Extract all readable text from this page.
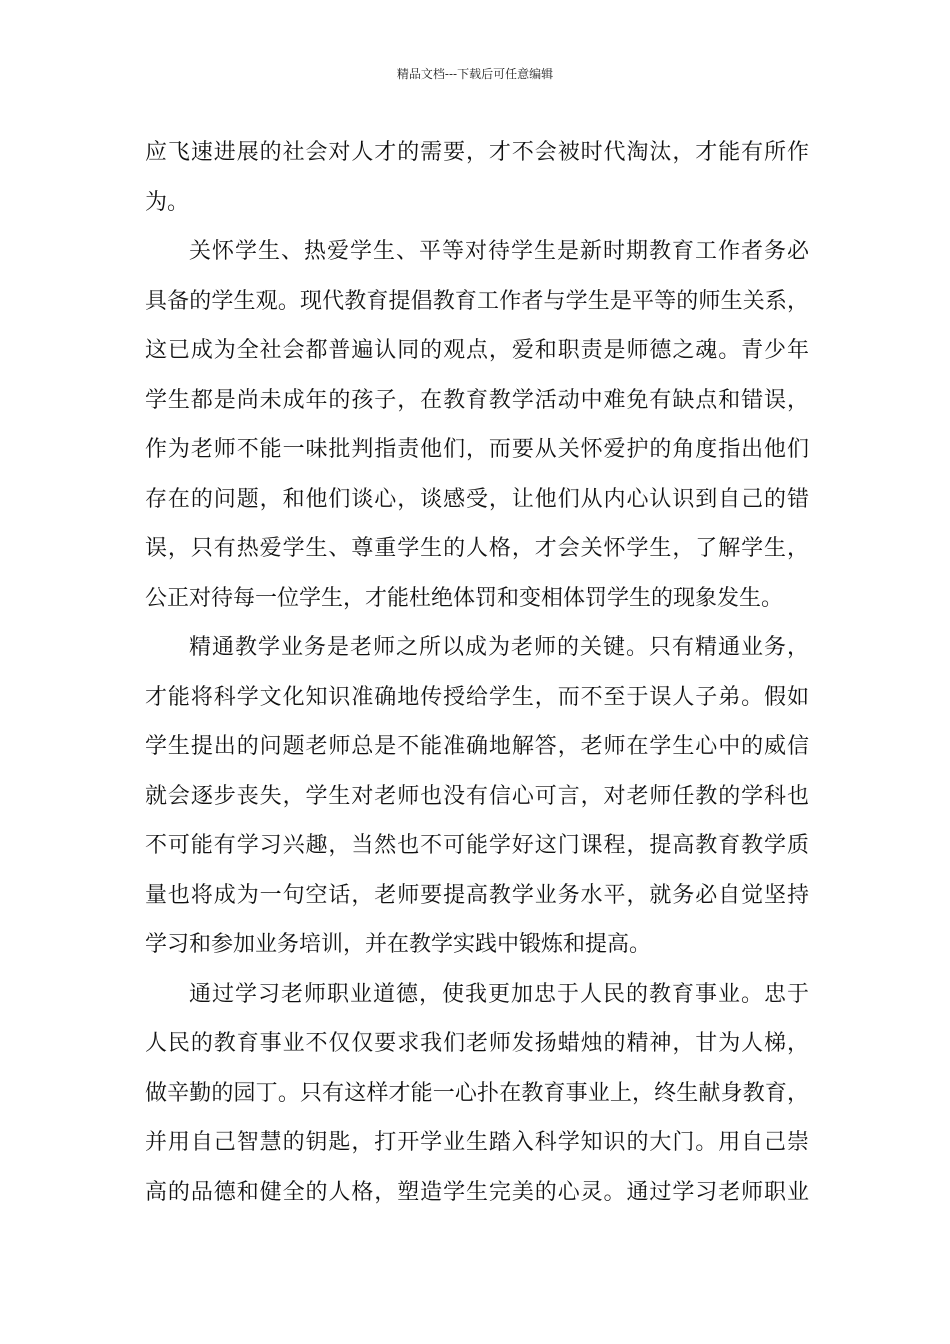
精品文档---下载后可任意编辑
应飞速进展的社会对人才的需要，才不会被时代淘汰，才能有所作
为。
关怀学生、热爱学生、平等对待学生是新时期教育工作者务必
具备的学生观。现代教育提倡教育工作者与学生是平等的师生关系，
这已成为全社会都普遍认同的观点，爱和职责是师德之魂。青少年
学生都是尚未成年的孩子，在教育教学活动中难免有缺点和错误，
作为老师不能一味批判指责他们，而要从关怀爱护的角度指出他们
存在的问题，和他们谈心，谈感受，让他们从内心认识到自己的错
误，只有热爱学生、尊重学生的人格，才会关怀学生，了解学生，
公正对待每一位学生，才能杜绝体罚和变相体罚学生的现象发生。
精通教学业务是老师之所以成为老师的关键。只有精通业务，
才能将科学文化知识准确地传授给学生，而不至于误人子弟。假如
学生提出的问题老师总是不能准确地解答，老师在学生心中的威信
就会逐步丧失，学生对老师也没有信心可言，对老师任教的学科也
不可能有学习兴趣，当然也不可能学好这门课程，提高教育教学质
量也将成为一句空话，老师要提高教学业务水平，就务必自觉坚持
学习和参加业务培训，并在教学实践中锻炼和提高。
通过学习老师职业道德，使我更加忠于人民的教育事业。忠于
人民的教育事业不仅仅要求我们老师发扬蜡烛的精神，甘为人梯，
做辛勤的园丁。只有这样才能一心扑在教育事业上，终生献身教育，
并用自己智慧的钥匙，打开学业生踏入科学知识的大门。用自己崇
高的品德和健全的人格，塑造学生完美的心灵。通过学习老师职业
